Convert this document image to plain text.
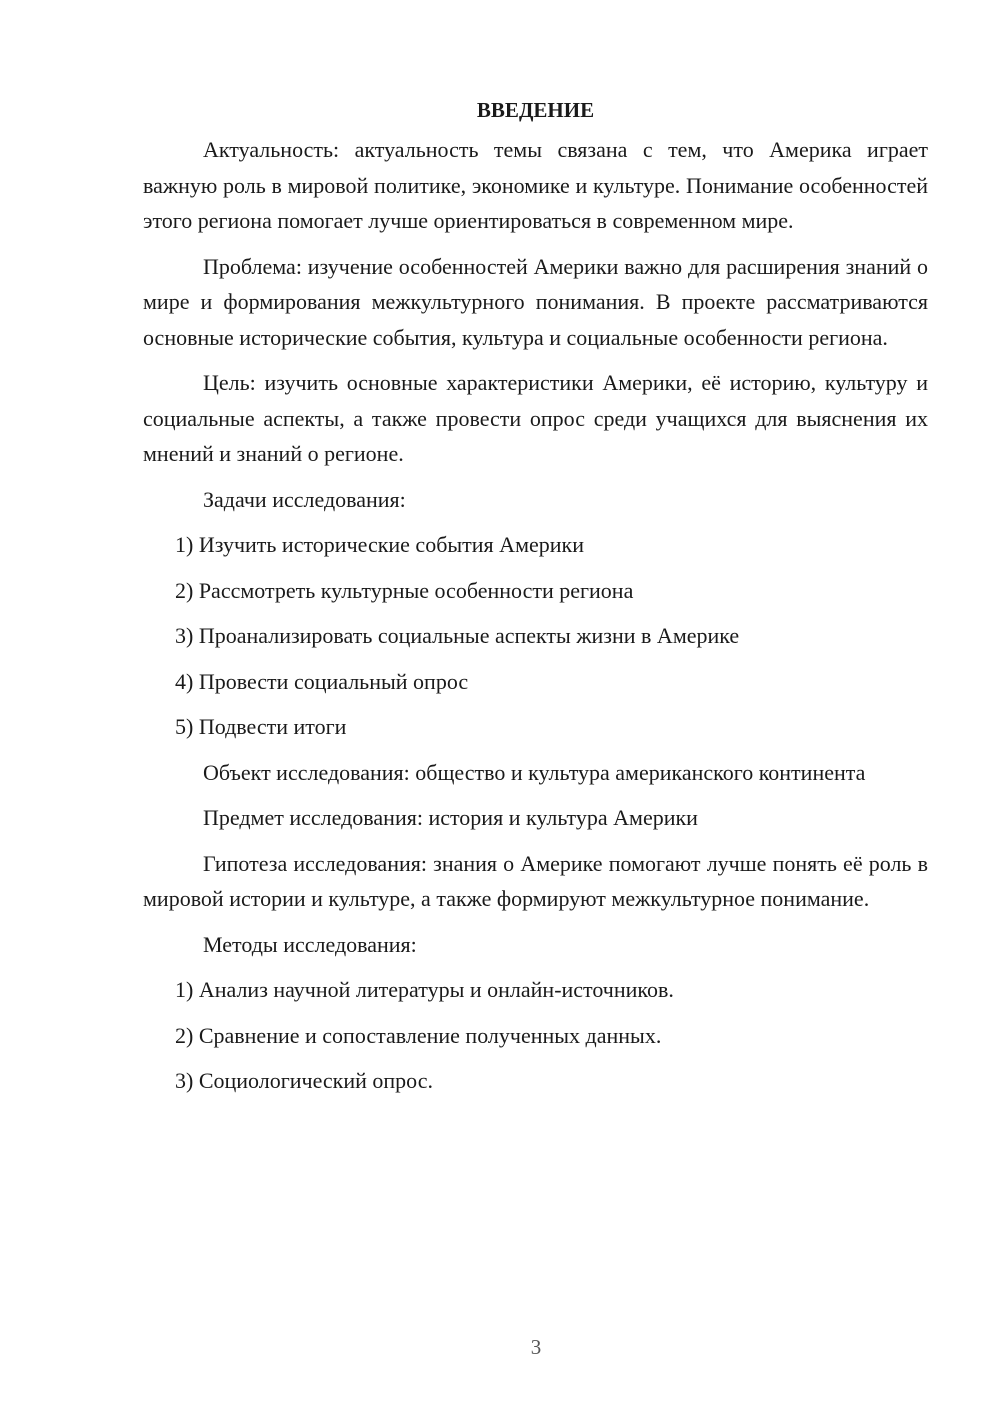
ВВЕДЕНИЕ

Актуальность: актуальность темы связана с тем, что Америка играет важную роль в мировой политике, экономике и культуре. Понимание особенностей этого региона помогает лучше ориентироваться в современном мире.

Проблема: изучение особенностей Америки важно для расширения знаний о мире и формирования межкультурного понимания. В проекте рассматриваются основные исторические события, культура и социальные особенности региона.

Цель: изучить основные характеристики Америки, её историю, культуру и социальные аспекты, а также провести опрос среди учащихся для выяснения их мнений и знаний о регионе.

Задачи исследования:

1) Изучить исторические события Америки

2) Рассмотреть культурные особенности региона

3) Проанализировать социальные аспекты жизни в Америке

4) Провести социальный опрос

5) Подвести итоги

Объект исследования: общество и культура американского континента

Предмет исследования: история и культура Америки

Гипотеза исследования: знания о Америке помогают лучше понять её роль в мировой истории и культуре, а также формируют межкультурное понимание.

Методы исследования:

1) Анализ научной литературы и онлайн-источников.

2) Сравнение и сопоставление полученных данных.

3) Социологический опрос.

3
